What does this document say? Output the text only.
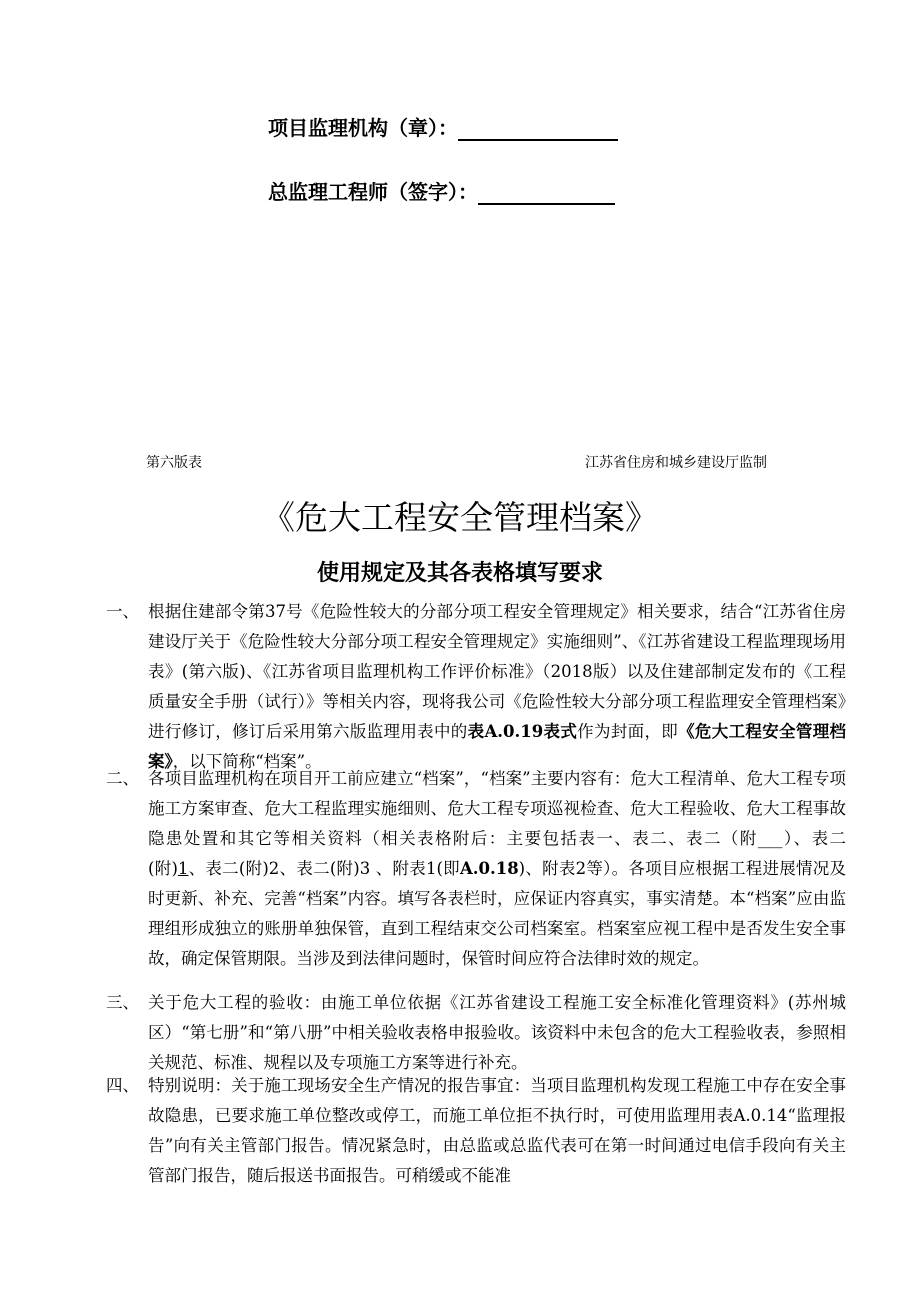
项目监理机构（章）：
总监理工程师（签字）：
第六版表	江苏省住房和城乡建设厅监制
《危大工程安全管理档案》
使用规定及其各表格填写要求
一、 根据住建部令第37号《危险性较大的分部分项工程安全管理规定》相关要求，结合“江苏省住房建设厅关于《危险性较大分部分项工程安全管理规定》实施细则”、《江苏省建设工程监理现场用表》(第六版)、《江苏省项目监理机构工作评价标准》（2018版）以及住建部制定发布的《工程质量安全手册（试行）》等相关内容，现将我公司《危险性较大分部分项工程监理安全管理档案》进行修订，修订后采用第六版监理用表中的表A.0.19表式作为封面，即《危大工程安全管理档案》，以下简称“档案”。
二、 各项目监理机构在项目开工前应建立“档案”，“档案”主要内容有：危大工程清单、危大工程专项施工方案审查、危大工程监理实施细则、危大工程专项巡视检查、危大工程验收、危大工程事故隐患处置和其它等相关资料（相关表格附后：主要包括表一、表二、表二（附___）、表二(附)1、表二(附)2、表二(附)3 、附表1(即A.0.18)、附表2等）。各项目应根据工程进展情况及时更新、补充、完善“档案”内容。填写各表栏时，应保证内容真实，事实清楚。本“档案”应由监理组形成独立的账册单独保管，直到工程结束交公司档案室。档案室应视工程中是否发生安全事故，确定保管期限。当涉及到法律问题时，保管时间应符合法律时效的规定。
三、 关于危大工程的验收：由施工单位依据《江苏省建设工程施工安全标准化管理资料》(苏州城区）“第七册”和“第八册”中相关验收表格申报验收。该资料中未包含的危大工程验收表，参照相关规范、标准、规程以及专项施工方案等进行补充。
四、 特别说明：关于施工现场安全生产情况的报告事宜：当项目监理机构发现工程施工中存在安全事故隐患，已要求施工单位整改或停工，而施工单位拒不执行时，可使用监理用表A.0.14“监理报告”向有关主管部门报告。情况紧急时，由总监或总监代表可在第一时间通过电信手段向有关主管部门报告，随后报送书面报告。可稍缓或不能准
